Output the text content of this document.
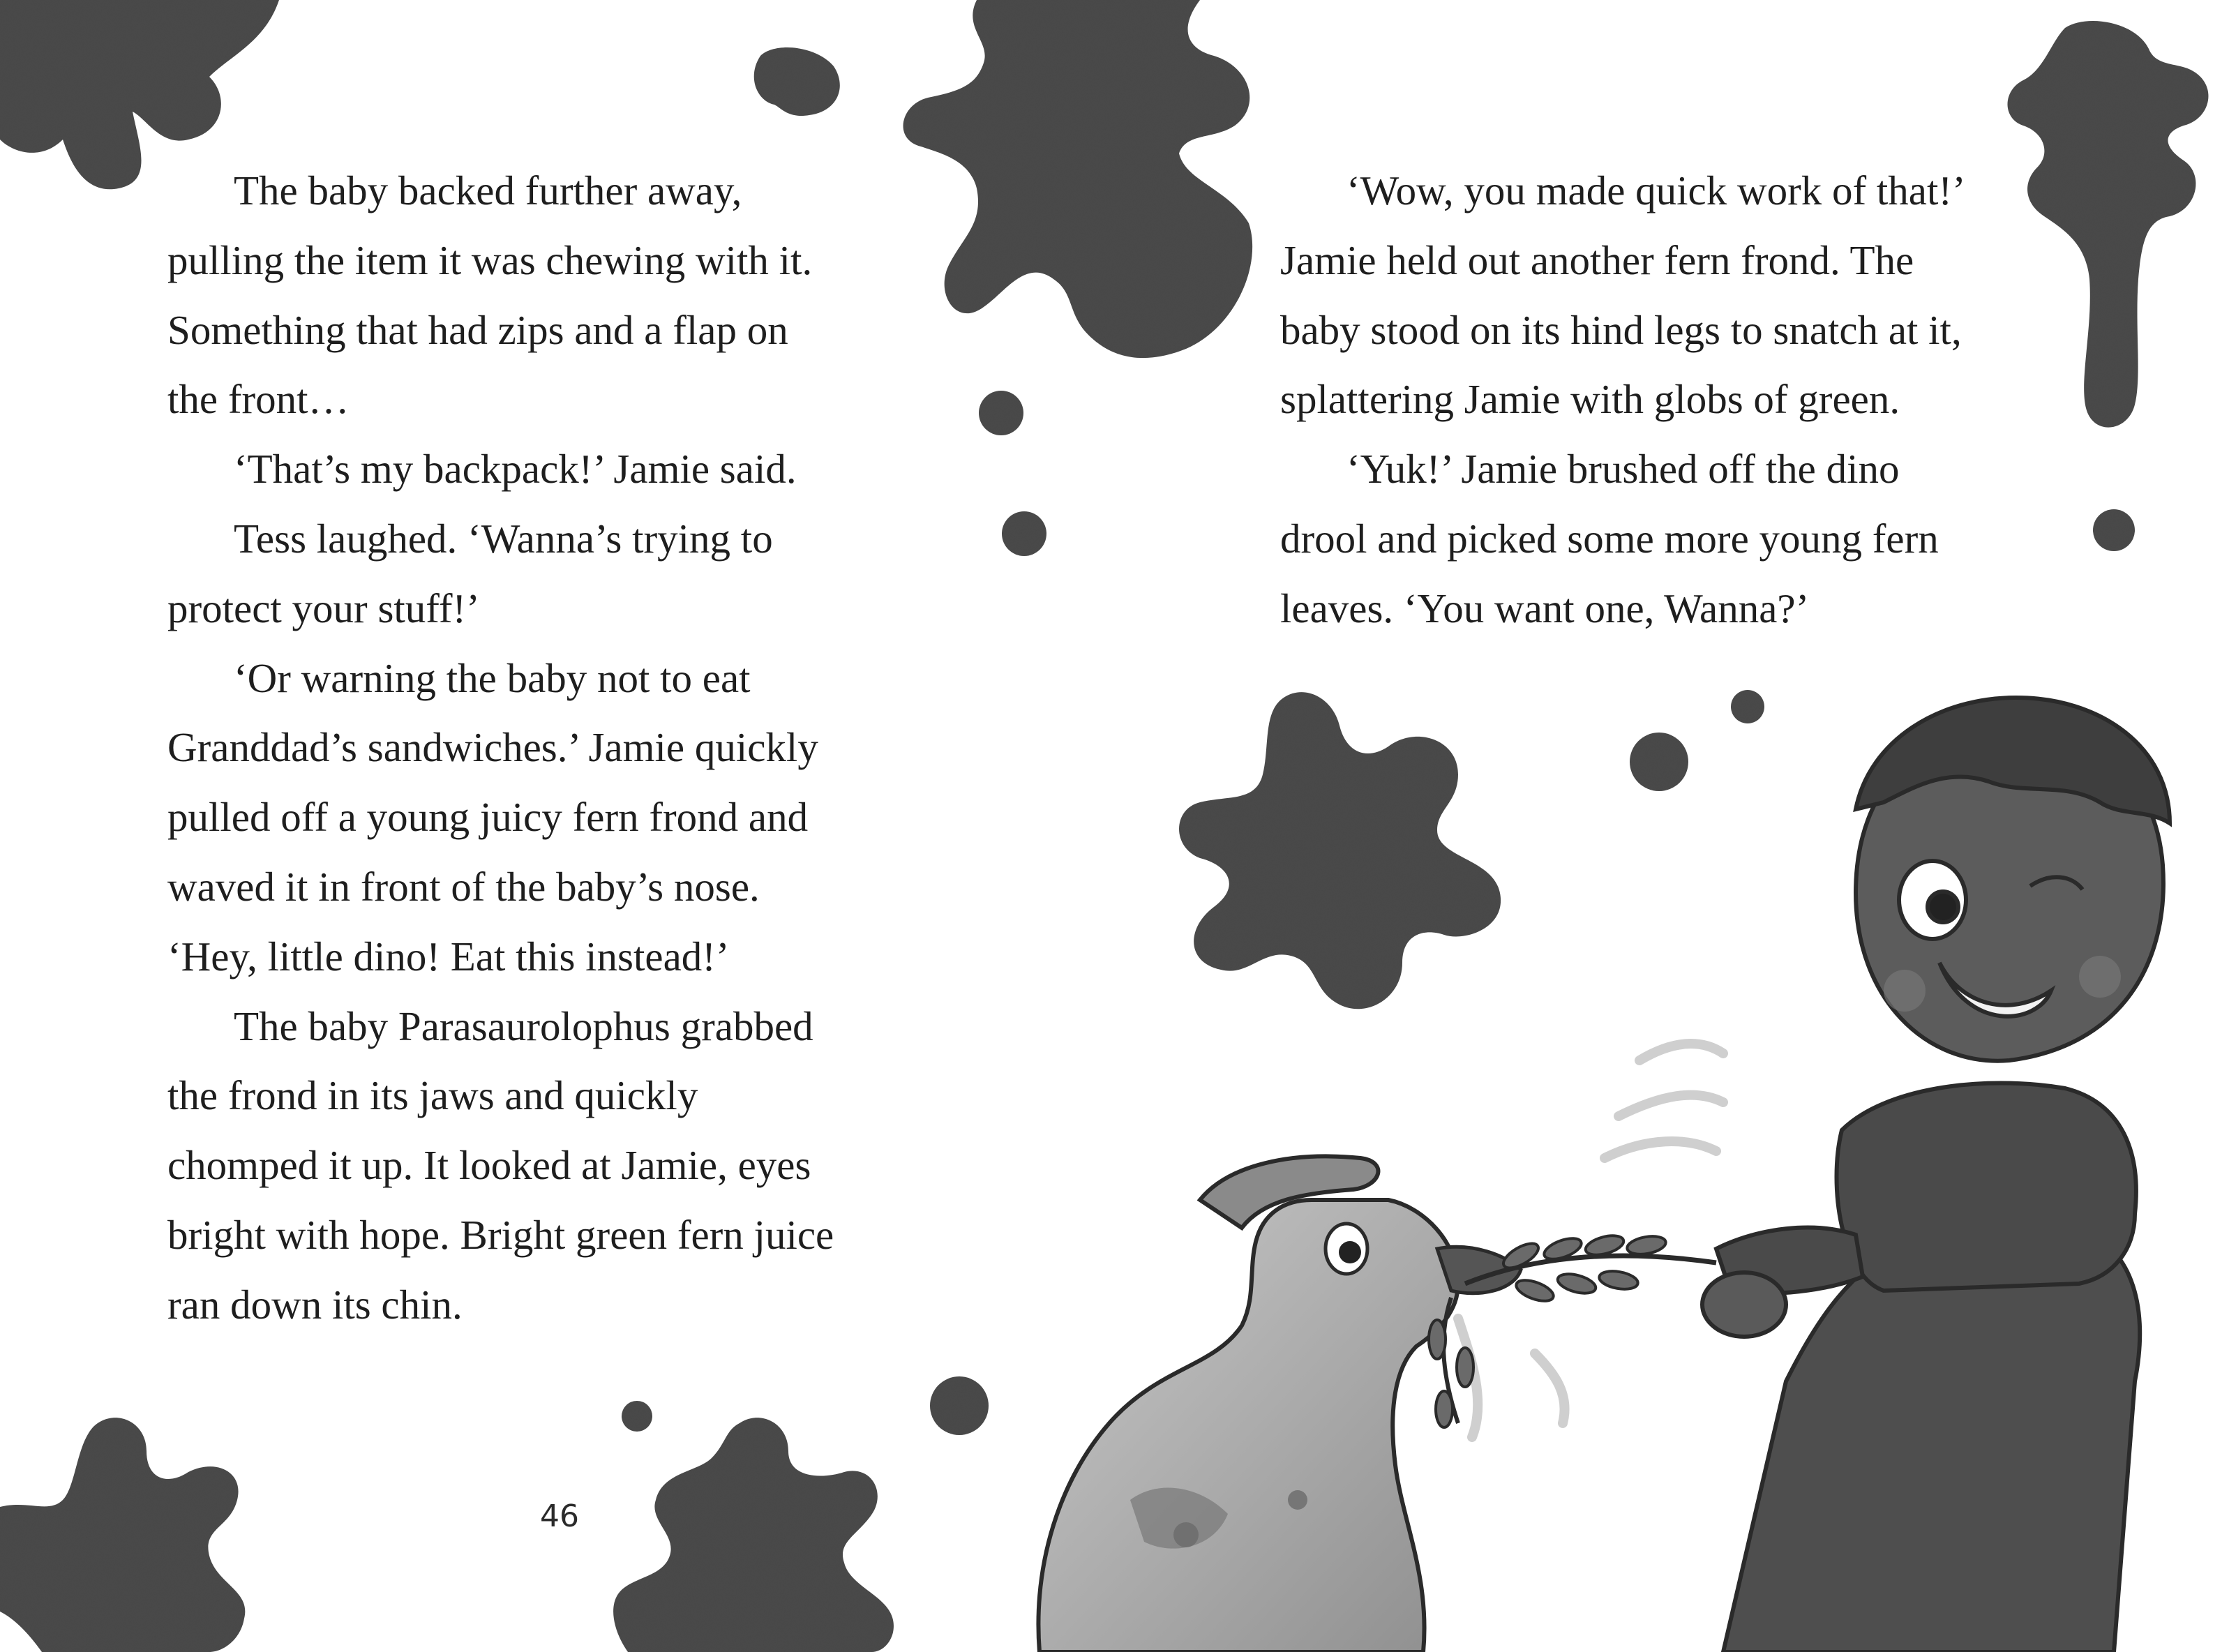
The baby backed further away,
pulling the item it was chewing with it.
Something that had zips and a flap on
the front…
‘That’s my backpack!’ Jamie said.
Tess laughed. ‘Wanna’s trying to
protect your stuff!’
‘Or warning the baby not to eat
Granddad’s sandwiches.’ Jamie quickly
pulled off a young juicy fern frond and
waved it in front of the baby’s nose.
‘Hey, little dino! Eat this instead!’
The baby Parasaurolophus grabbed
the frond in its jaws and quickly
chomped it up. It looked at Jamie, eyes
bright with hope. Bright green fern juice
ran down its chin.
‘Wow, you made quick work of that!’
Jamie held out another fern frond. The
baby stood on its hind legs to snatch at it,
splattering Jamie with globs of green.
‘Yuk!’ Jamie brushed off the dino
drool and picked some more young fern
leaves. ‘You want one, Wanna?’
46
